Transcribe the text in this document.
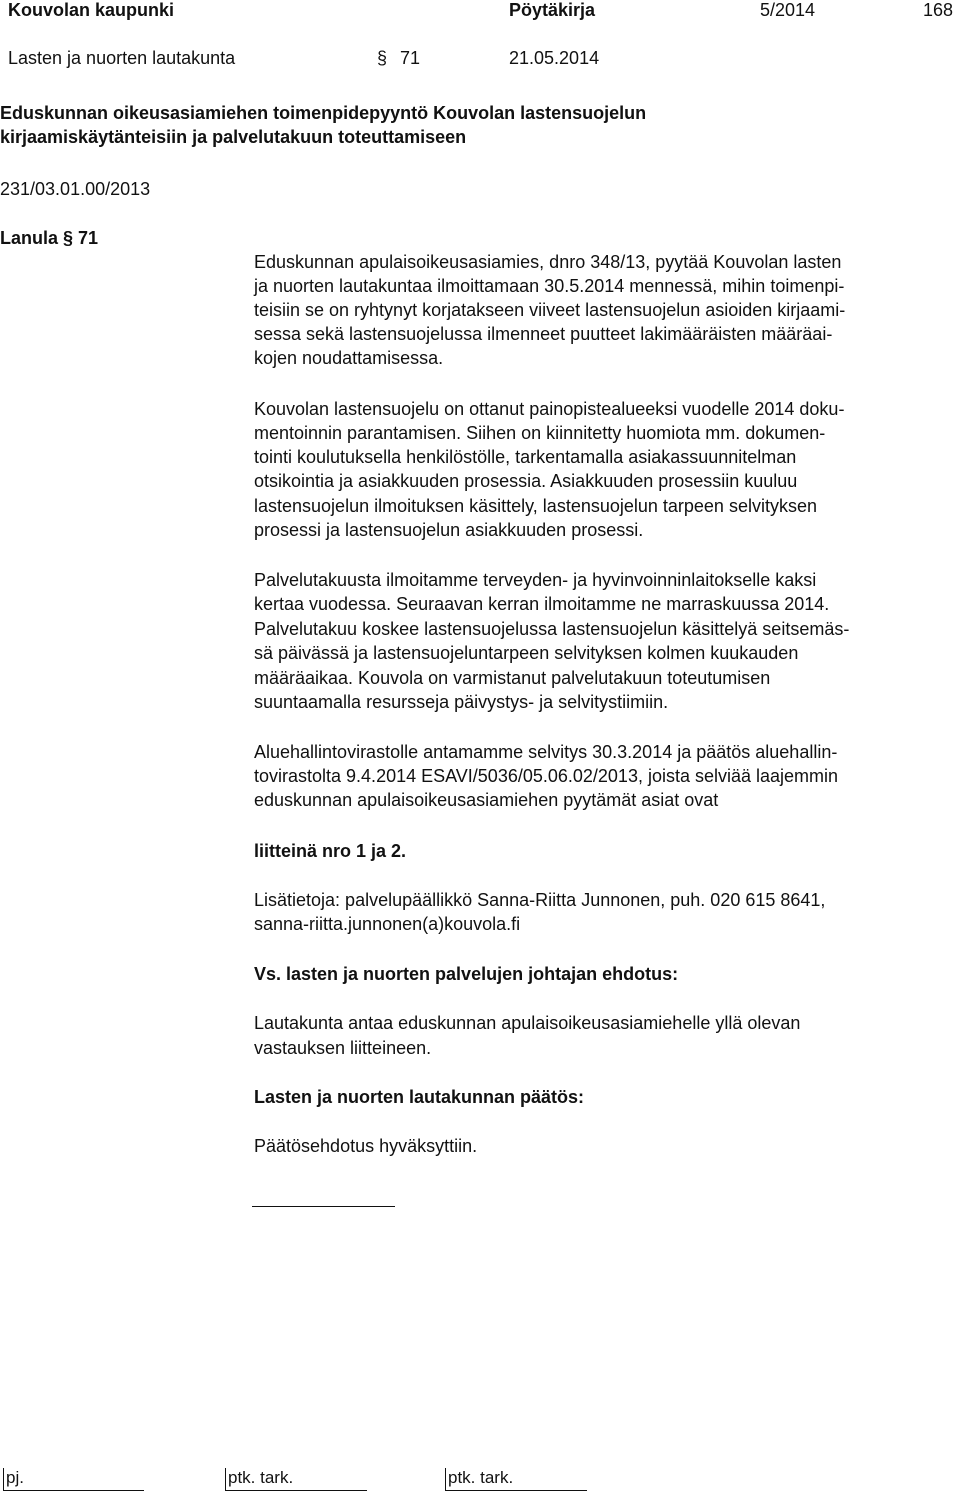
Kouvolan kaupunki	Pöytäkirja	5/2014	168
Lasten ja nuorten lautakunta	§ 71	21.05.2014
Eduskunnan oikeusasiamiehen toimenpidepyyntö Kouvolan lastensuojelun
kirjaamiskäytänteisiin ja palvelutakuun toteuttamiseen
231/03.01.00/2013
Lanula § 71
Eduskunnan apulaisoikeusasiamies, dnro 348/13, pyytää Kouvolan lasten
ja nuorten lautakuntaa ilmoittamaan 30.5.2014 mennessä, mihin toimenpi-
teisiin se on ryhtynyt korjatakseen viiveet lastensuojelun asioiden kirjaami-
sessa sekä lastensuojelussa ilmenneet puutteet lakimääräisten määräai-
kojen noudattamisessa.
Kouvolan lastensuojelu on ottanut painopistealueeksi vuodelle 2014 doku-
mentoinnin parantamisen. Siihen on kiinnitetty huomiota mm. dokumen-
tointi koulutuksella henkilöstölle, tarkentamalla asiakassuunnitelman
otsikointia ja asiakkuuden prosessia. Asiakkuuden prosessiin kuuluu
lastensuojelun ilmoituksen käsittely, lastensuojelun tarpeen selvityksen
prosessi ja lastensuojelun asiakkuuden prosessi.
Palvelutakuusta ilmoitamme terveyden- ja hyvinvoinninlaitokselle kaksi
kertaa vuodessa. Seuraavan kerran ilmoitamme ne marraskuussa 2014.
Palvelutakuu koskee lastensuojelussa lastensuojelun käsittelyä seitsemäs-
sä päivässä ja lastensuojeluntarpeen selvityksen kolmen kuukauden
määräaikaa. Kouvola on varmistanut palvelutakuun toteutumisen
suuntaamalla resursseja päivystys- ja selvitystiimiin.
Aluehallintovirastolle antamamme selvitys 30.3.2014 ja päätös aluehallin-
tovirastolta 9.4.2014 ESAVI/5036/05.06.02/2013, joista selviää laajemmin
eduskunnan apulaisoikeusasiamiehen pyytämät asiat ovat
liitteinä nro 1 ja 2.
Lisätietoja: palvelupäällikkö Sanna-Riitta Junnonen, puh. 020 615 8641,
sanna-riitta.junnonen(a)kouvola.fi
Vs. lasten ja nuorten palvelujen johtajan ehdotus:
Lautakunta antaa eduskunnan apulaisoikeusasiamiehelle yllä olevan
vastauksen liitteineen.
Lasten ja nuorten lautakunnan päätös:
Päätösehdotus hyväksyttiin.
pj.	ptk. tark.	ptk. tark.
